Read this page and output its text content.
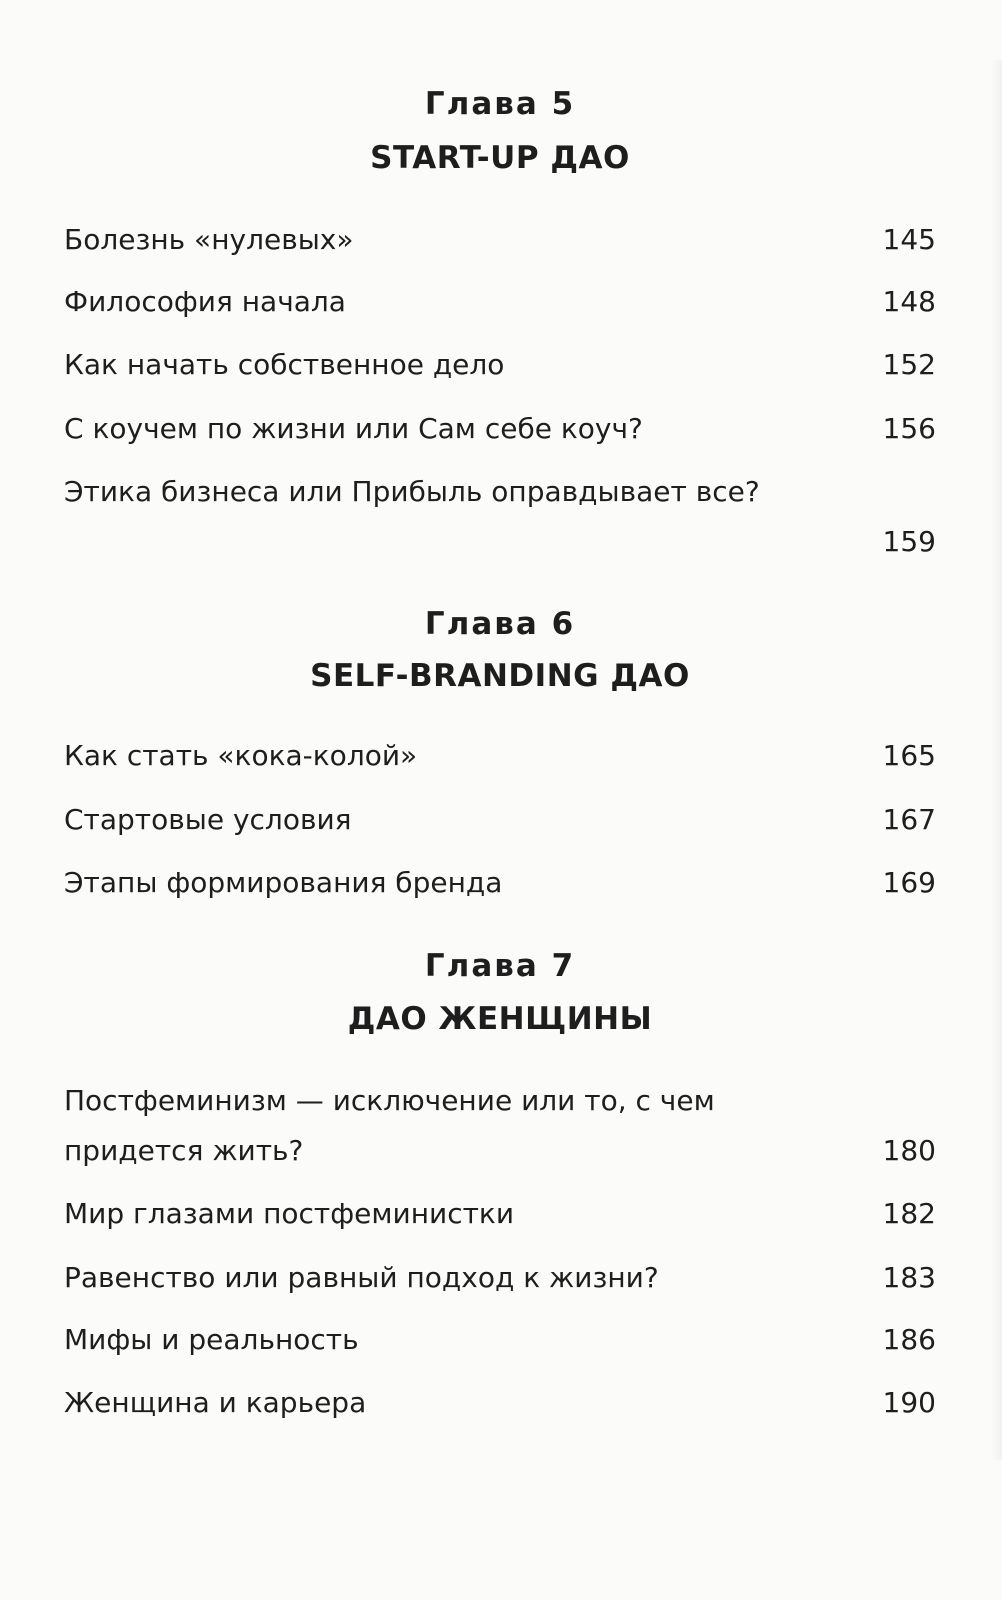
Глава 5
START-UP ДАО
Болезнь «нулевых»	145
Философия начала	148
Как начать собственное дело	152
С коучем по жизни или Сам себе коуч?	156
Этика бизнеса или Прибыль оправдывает все?
159
Глава 6
SELF-BRANDING ДАО
Как стать «кока-колой»	165
Стартовые условия	167
Этапы формирования бренда	169
Глава 7
ДАО ЖЕНЩИНЫ
Постфеминизм — исключение или то, с чем придется жить?	180
Мир глазами постфеминистки	182
Равенство или равный подход к жизни?	183
Мифы и реальность	186
Женщина и карьера	190
